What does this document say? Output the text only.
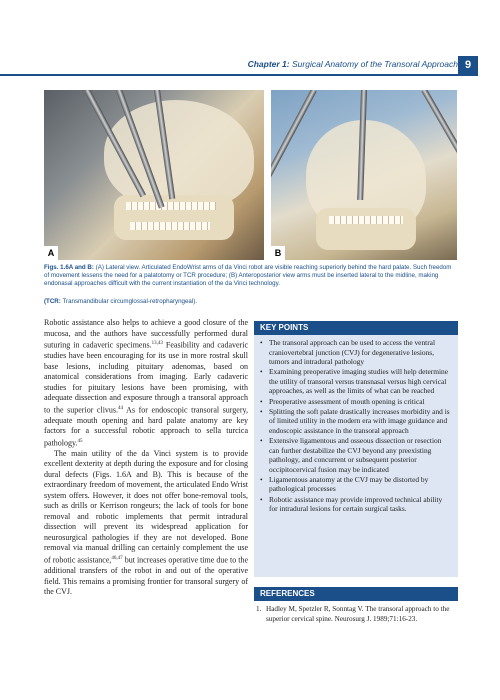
Chapter 1: Surgical Anatomy of the Transoral Approach 9
A	B
Figs. 1.6A and B: (A) Lateral view. Articulated EndoWrist arms of da Vinci robot are visible reaching superiorly behind the hard palate. Such freedom of movement lessens the need for a palatotomy or TCR procedure; (B) Anteroposterior view arms must be inserted lateral to the midline, making endonasal approaches difficult with the current instantiation of the da Vinci technology.
(TCR: Transmandibular circumglossal-retropharyngeal).

Robotic assistance also helps to achieve a good closure of the mucosa, and the authors have successfully performed dural suturing in cadaveric specimens.$^{13,43}$ Feasibility and cadaveric studies have been encouraging for its use in more rostral skull base lesions, including pituitary adenomas, based on anatomical considerations from imaging. Early cadaveric studies for pituitary lesions have been promising, with adequate dissection and exposure through a transoral approach to the superior clivus.$^{44}$ As for endoscopic transoral surgery, adequate mouth opening and hard palate anatomy are key factors for a successful robotic approach to sella turcica pathology.$^{45}$

The main utility of the da Vinci system is to provide excellent dexterity at depth during the exposure and for closing dural defects (Figs. 1.6A and B). This is because of the extraordinary freedom of movement, the articulated Endo Wrist system offers. However, it does not offer bone-removal tools, such as drills or Kerrison rongeurs; the lack of tools for bone removal and robotic implements that permit intradural dissection will prevent its widespread application for neurosurgical pathologies if they are not developed. Bone removal via manual drilling can certainly complement the use of robotic assistance,$^{46,47}$ but increases operative time due to the additional transfers of the robot in and out of the operative field. This remains a promising frontier for transoral surgery of the CVJ.

KEY POINTS
• The transoral approach can be used to access the ventral craniovertebral junction (CVJ) for degenerative lesions, tumors and intradural pathology
• Examining preoperative imaging studies will help determine the utility of transoral versus transnasal versus high cervical approaches, as well as the limits of what can be reached
• Preoperative assessment of mouth opening is critical
• Splitting the soft palate drastically increases morbidity and is of limited utility in the modern era with image guidance and endoscopic assistance in the transoral approach
• Extensive ligamentous and osseous dissection or resection can further destabilize the CVJ beyond any preexisting pathology, and concurrent or subsequent posterior occipitocervical fusion may be indicated
• Ligamentous anatomy at the CVJ may be distorted by pathological processes
• Robotic assistance may provide improved technical ability for intradural lesions for certain surgical tasks.
REFERENCES
1. Hadley M, Spetzler R, Sonntag V. The transoral approach to the superior cervical spine. Neurosurg J. 1989;71:16-23.
